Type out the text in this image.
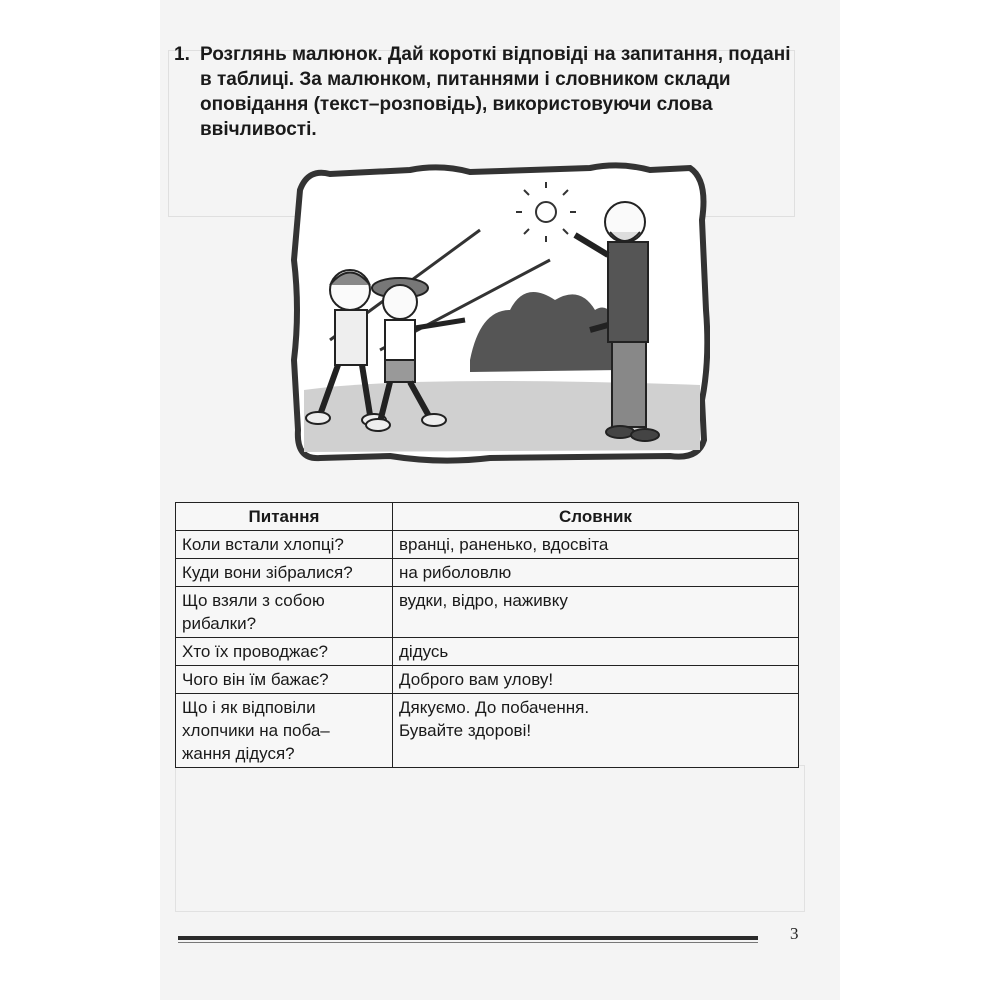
1. Розглянь малюнок. Дай короткі відповіді на запитання, подані в таблиці. За малюнком, питаннями і словником склади оповідання (текст–розповідь), використовуючи слова ввічливості.
Питання	Словник
Коли встали хлопці?	вранці, раненько, вдосвіта
Куди вони зібралися?	на риболовлю
Що взяли з собою
рибалки?	вудки, відро, наживку
Хто їх проводжає?	дідусь
Чого він їм бажає?	Доброго вам улову!
Що і як відповіли
хлопчики на поба–
жання дідуся?	Дякуємо. До побачення.
Бувайте здорові!
3
